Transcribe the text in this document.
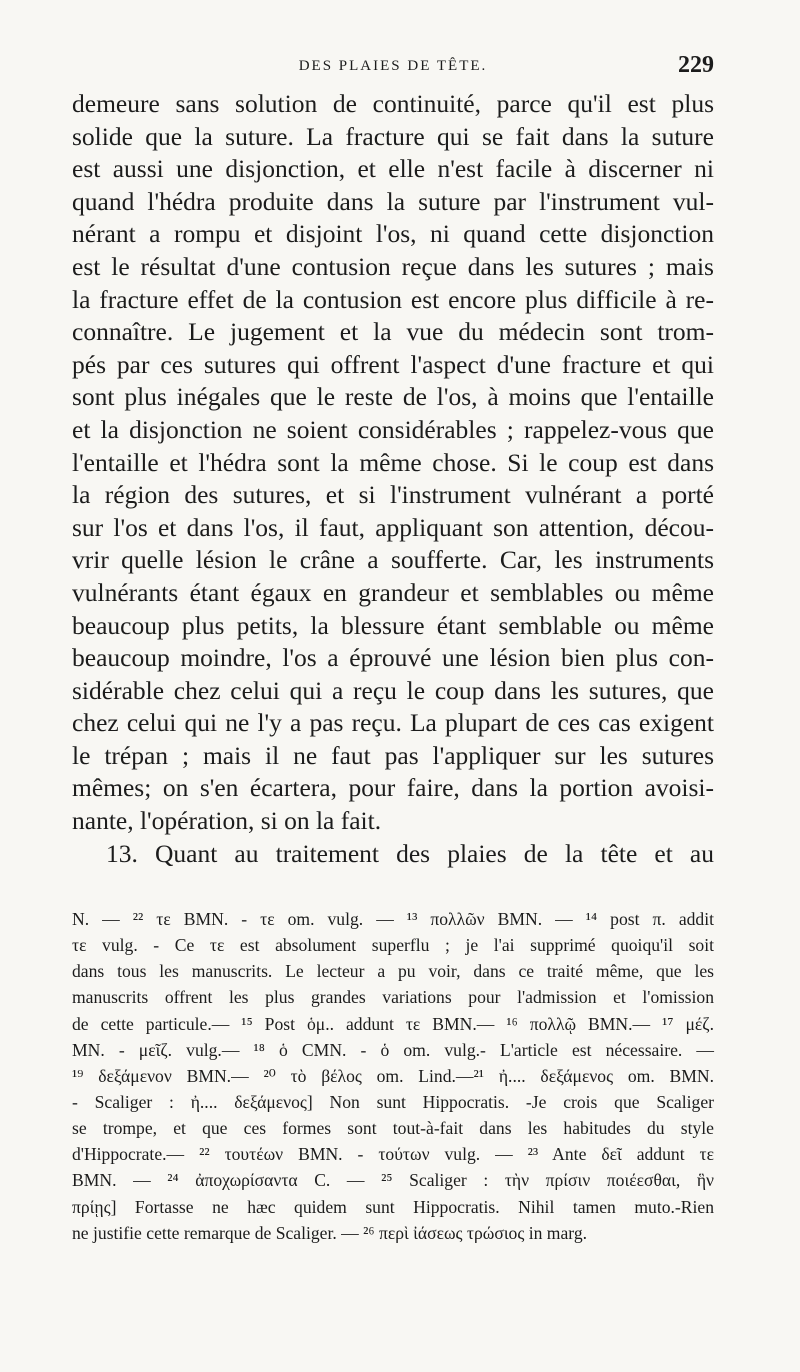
DES PLAIES DE TÊTE.	229
demeure sans solution de continuité, parce qu'il est plus
solide que la suture. La fracture qui se fait dans la suture
est aussi une disjonction, et elle n'est facile à discerner ni
quand l'hédra produite dans la suture par l'instrument vul-
nérant a rompu et disjoint l'os, ni quand cette disjonction
est le résultat d'une contusion reçue dans les sutures ; mais
la fracture effet de la contusion est encore plus difficile à re-
connaître. Le jugement et la vue du médecin sont trom-
pés par ces sutures qui offrent l'aspect d'une fracture et qui
sont plus inégales que le reste de l'os, à moins que l'entaille
et la disjonction ne soient considérables ; rappelez-vous que
l'entaille et l'hédra sont la même chose. Si le coup est dans
la région des sutures, et si l'instrument vulnérant a porté
sur l'os et dans l'os, il faut, appliquant son attention, décou-
vrir quelle lésion le crâne a soufferte. Car, les instruments
vulnérants étant égaux en grandeur et semblables ou même
beaucoup plus petits, la blessure étant semblable ou même
beaucoup moindre, l'os a éprouvé une lésion bien plus con-
sidérable chez celui qui a reçu le coup dans les sutures, que
chez celui qui ne l'y a pas reçu. La plupart de ces cas exigent
le trépan ; mais il ne faut pas l'appliquer sur les sutures
mêmes; on s'en écartera, pour faire, dans la portion avoisi-
nante, l'opération, si on la fait.
13. Quant au traitement des plaies de la tête et au
N. — ²² τε BMN. - τε om. vulg. — ¹³ πολλῶν BMN. — ¹⁴ post π. addit
τε vulg. - Ce τε est absolument superflu ; je l'ai supprimé quoiqu'il soit
dans tous les manuscrits. Le lecteur a pu voir, dans ce traité même, que les
manuscrits offrent les plus grandes variations pour l'admission et l'omission
de cette particule.— ¹⁵ Post ὁμ.. addunt τε BMN.— ¹⁶ πολλῷ BMN.— ¹⁷ μέζ.
MN. - μεῖζ. vulg.— ¹⁸ ὁ CMN. - ὁ om. vulg.- L'article est nécessaire. —
¹⁹ δεξάμενον BMN.— ²⁰ τὸ βέλος om. Lind.—²¹ ἠ.... δεξάμενος om. BMN.
- Scaliger : ἠ.... δεξάμενος] Non sunt Hippocratis. -Je crois que Scaliger
se trompe, et que ces formes sont tout-à-fait dans les habitudes du style
d'Hippocrate.— ²² τουτέων BMN. - τούτων vulg. — ²³ Ante δεῖ addunt τε
BMN. — ²⁴ ἀποχωρίσαντα C. — ²⁵ Scaliger : τὴν πρίσιν ποιέεσθαι, ἣν
πρίῃς] Fortasse ne hæc quidem sunt Hippocratis. Nihil tamen muto.-Rien
ne justifie cette remarque de Scaliger. — ²⁶ περὶ ἰάσεως τρώσιος in marg.
